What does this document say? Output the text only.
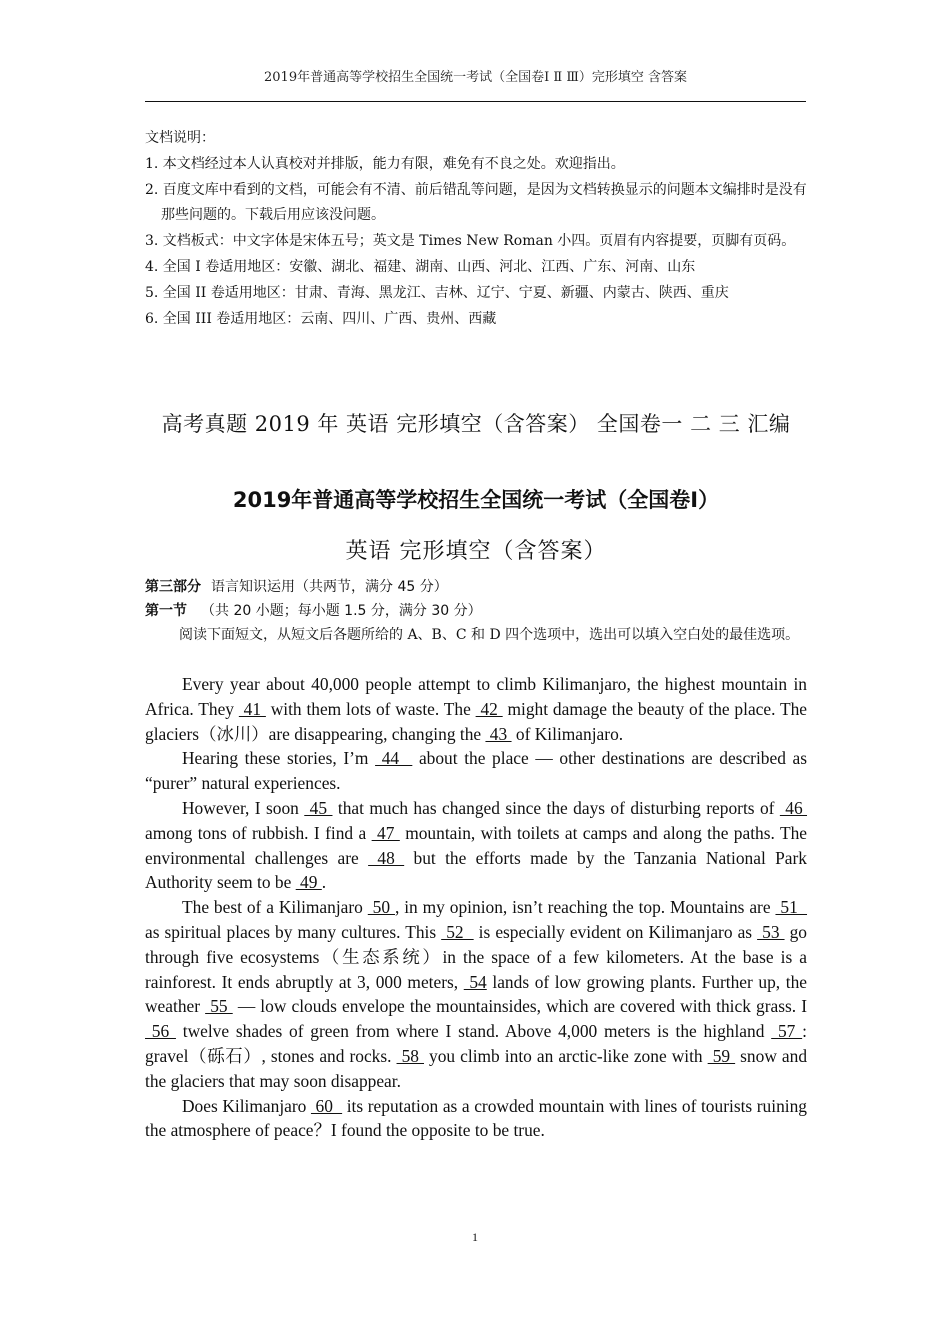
2019年普通高等学校招生全国统一考试（全国卷Ⅰ Ⅱ Ⅲ）完形填空 含答案
文档说明：
1. 本文档经过本人认真校对并排版，能力有限，难免有不良之处。欢迎指出。
2. 百度文库中看到的文档，可能会有不清、前后错乱等问题，是因为文档转换显示的问题本文编排时是没有那些问题的。下载后用应该没问题。
3. 文档板式：中文字体是宋体五号；英文是 Times New Roman 小四。页眉有内容提要，页脚有页码。
4. 全国 I 卷适用地区：安徽、湖北、福建、湖南、山西、河北、江西、广东、河南、山东
5. 全国 II 卷适用地区：甘肃、青海、黑龙江、吉林、辽宁、宁夏、新疆、内蒙古、陕西、重庆
6. 全国 III 卷适用地区：云南、四川、广西、贵州、西藏
高考真题 2019 年 英语 完形填空（含答案） 全国卷一 二 三 汇编
2019年普通高等学校招生全国统一考试（全国卷I）
英语 完形填空（含答案）
第三部分 语言知识运用（共两节，满分 45 分）
第一节 （共 20 小题；每小题 1.5 分，满分 30 分）
阅读下面短文，从短文后各题所给的 A、B、C 和 D 四个选项中，选出可以填入空白处的最佳选项。

Every year about 40,000 people attempt to climb Kilimanjaro, the highest mountain in Africa. They  41  with them lots of waste. The  42  might damage the beauty of the place. The glaciers（冰川）are disappearing, changing the  43  of Kilimanjaro.

Hearing these stories, I’m  44   about the place — other destinations are described as “purer” natural experiences.

However, I soon  45  that much has changed since the days of disturbing reports of  46  among tons of rubbish. I find a  47  mountain, with toilets at camps and along the paths. The environmental challenges are  48  but the efforts made by the Tanzania National Park Authority seem to be  49 .

The best of a Kilimanjaro  50 , in my opinion, isn’t reaching the top. Mountains are  51   as spiritual places by many cultures. This  52   is especially evident on Kilimanjaro as  53  go through five ecosystems（生态系统）in the space of a few kilometers. At the base is a rainforest. It ends abruptly at 3, 000 meters,  54 lands of low growing plants. Further up, the weather  55  — low clouds envelope the mountainsides, which are covered with thick grass. I  56  twelve shades of green from where I stand. Above 4,000 meters is the highland  57 : gravel（砾石）, stones and rocks.  58  you climb into an arctic-like zone with  59  snow and the glaciers that may soon disappear.

Does Kilimanjaro  60   its reputation as a crowded mountain with lines of tourists ruining the atmosphere of peace？I found the opposite to be true.

1
